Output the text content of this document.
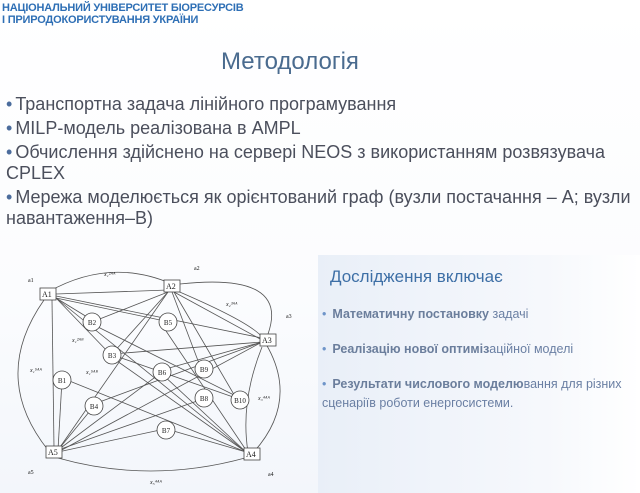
НАЦІОНАЛЬНИЙ УНІВЕРСИТЕТ БІОРЕСУРСІВ
І ПРИРОДОКОРИСТУВАННЯ УКРАЇНИ
Методологія
• Транспортна задача лінійного програмування
• MILP-модель реалізована в AMPL
• Обчислення здійснено на сервері NEOS з використанням розвязувача CPLEX
• Мережа моделюється як орієнтований граф (вузли постачання – А; вузли навантаження–В)
A1
A2
A3
A4
A5
a1
a2
a3
a4
a5
x₁²ᴬᴬ
x₂³ᴬᴬ
x₁⁵ᴬᴬ
x₃⁴ᴬᴬ
x₅⁴ᴬᴬ
x₁²ᴬᴮ
x₁⁵ᴬᴮ
B1
B2
B3
B4
B5
B6
B7
B8
B9
B10
Дослідження включає
• Математичну постановку задачі
• Реалізацію нової оптимізаційної моделі
• Результати числового моделювання для різних сценаріїв роботи енергосистеми.
